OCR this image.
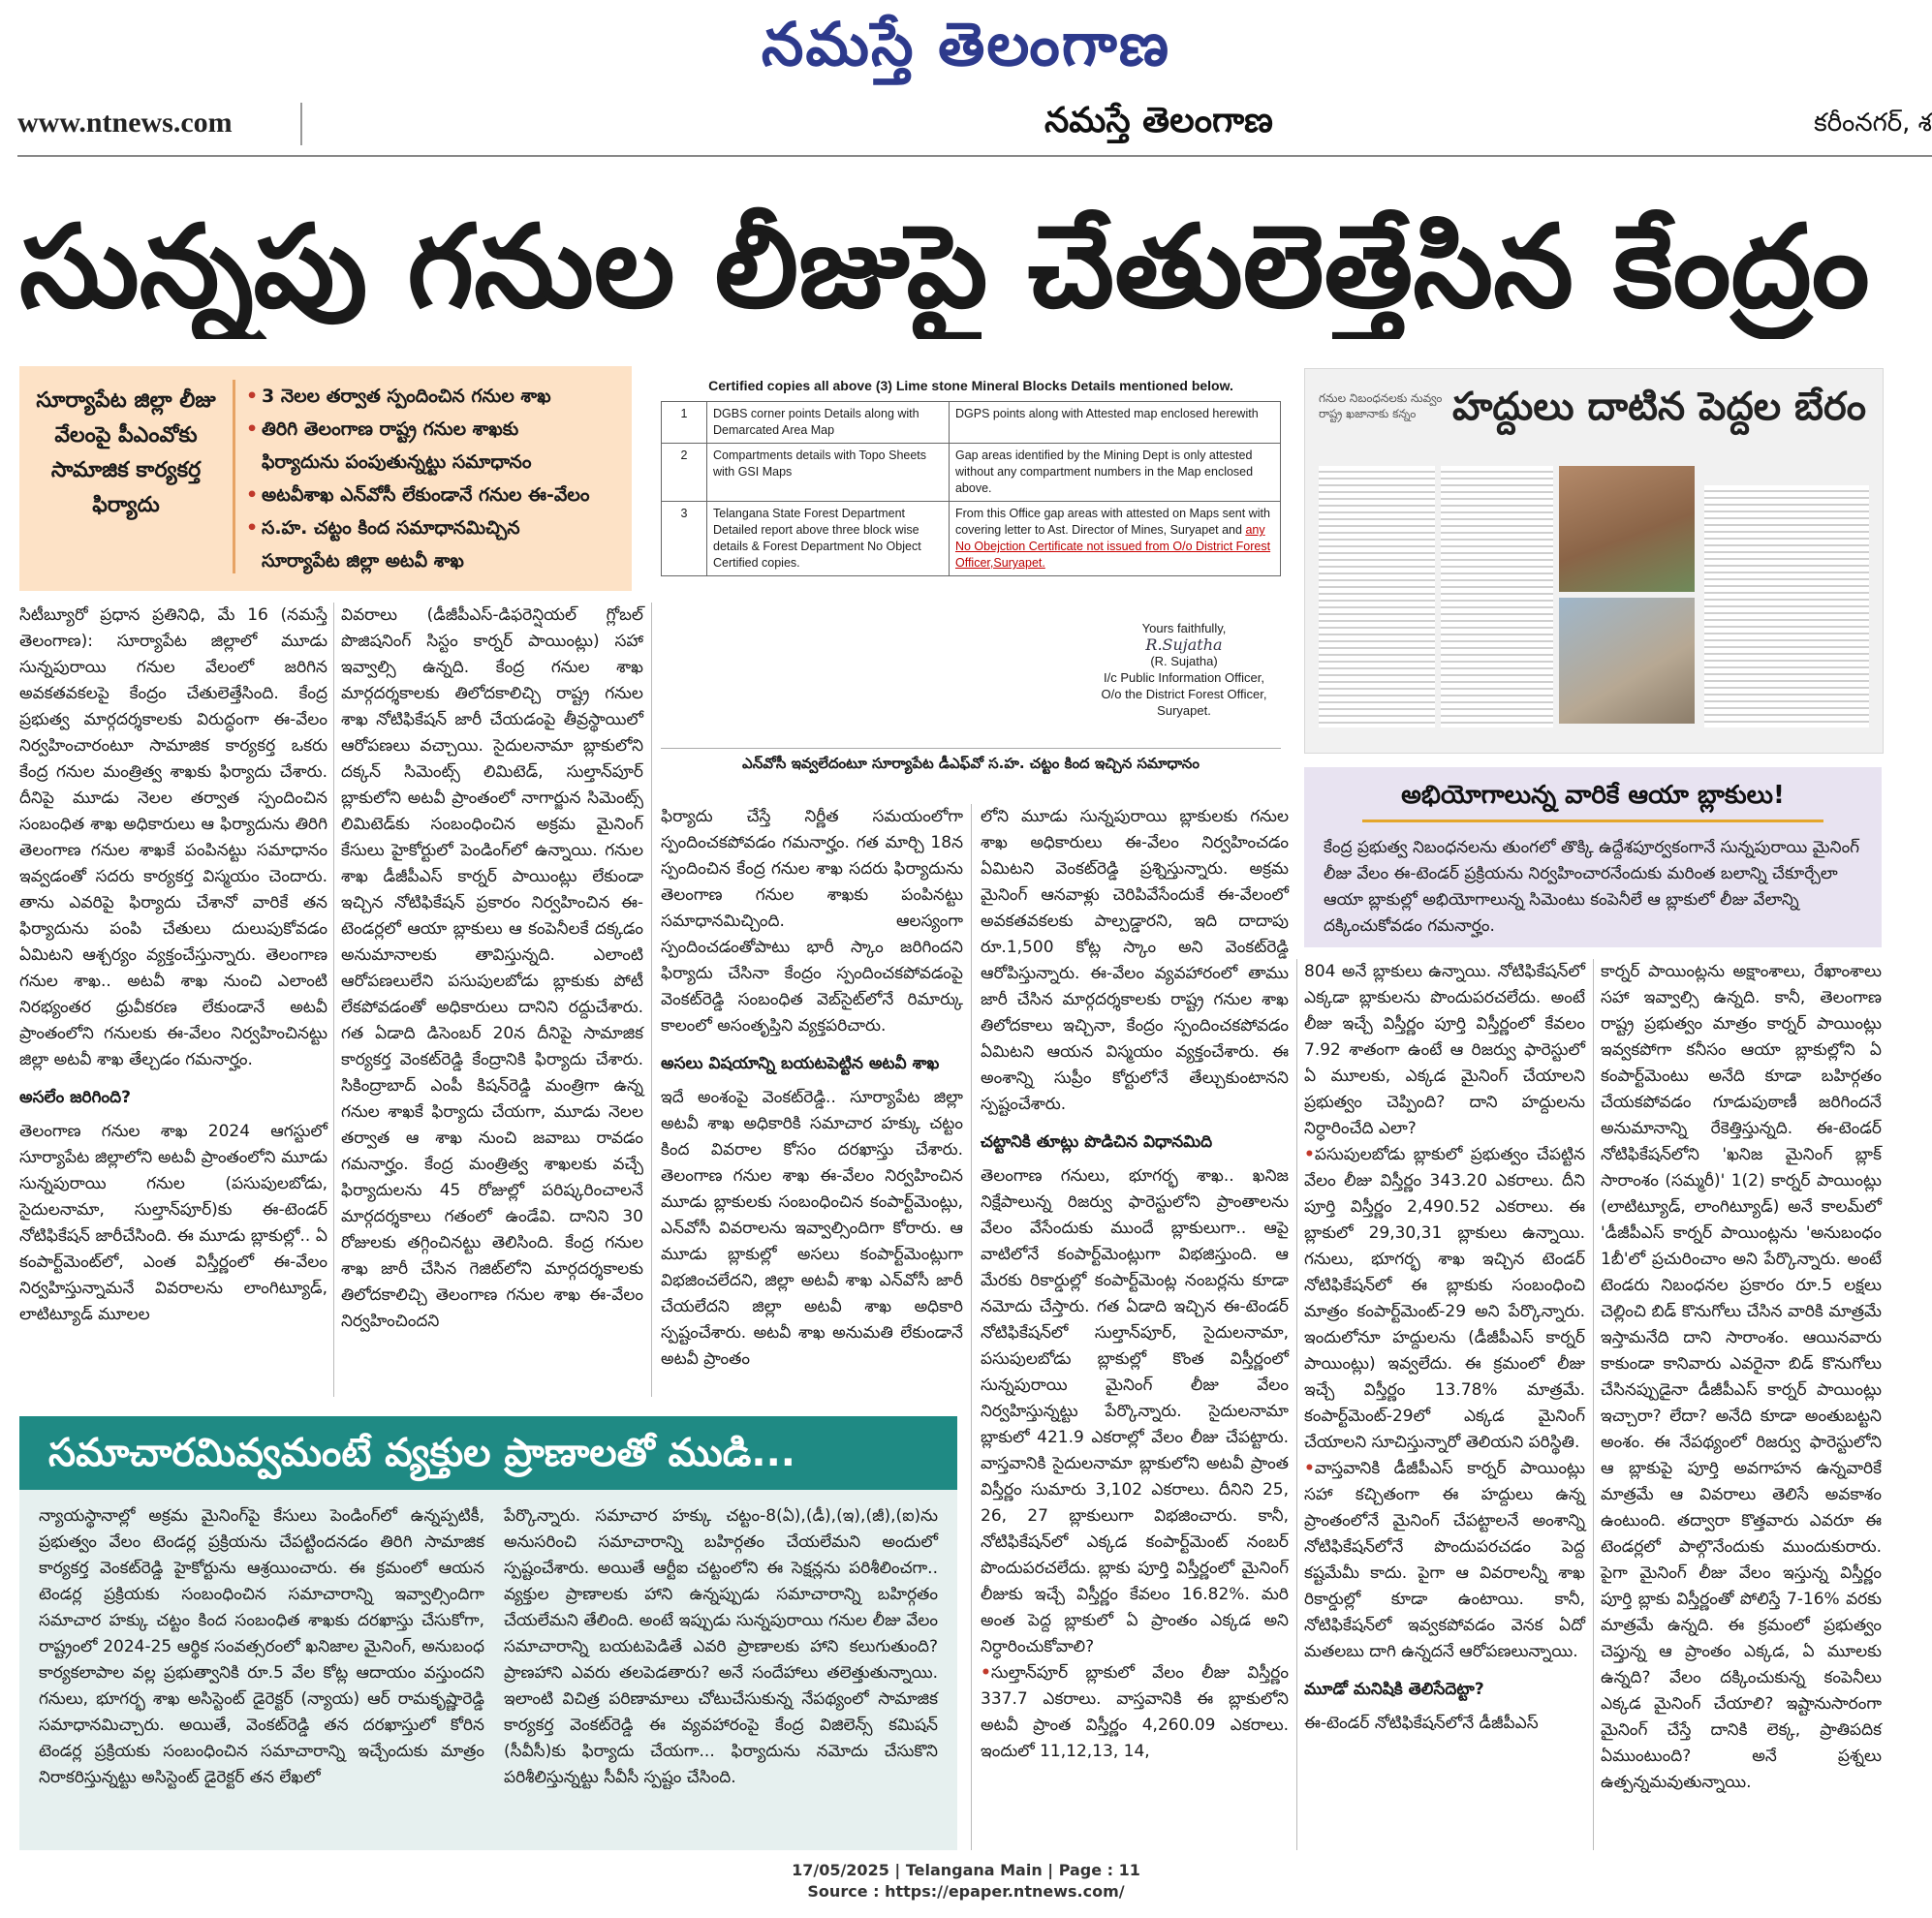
నమస్తే తెలంగాణ
www.ntnews.com	నమస్తే తెలంగాణ	కరీంనగర్, శ
సున్నపు గనుల లీజుపై చేతులెత్తేసిన కేంద్రం
సూర్యాపేట జిల్లా లీజు వేలంపై పీఎంవోకు సామాజిక కార్యకర్త ఫిర్యాదు
• 3 నెలల తర్వాత స్పందించిన గనుల శాఖ
• తిరిగి తెలంగాణ రాష్ట్ర గనుల శాఖకు
ఫిర్యాదును పంపుతున్నట్టు సమాధానం
• అటవీశాఖ ఎన్‌వోసీ లేకుండానే గనుల ఈ-వేలం
• స.హ. చట్టం కింద సమాధానమిచ్చిన
సూర్యాపేట జిల్లా అటవీ శాఖ
Certified copies all above (3) Lime stone Mineral Blocks Details mentioned below.
1	DGBS corner points Details along with Demarcated Area Map	DGPS points along with Attested map enclosed herewith
2	Compartments details with Topo Sheets with GSI Maps	Gap areas identified by the Mining Dept is only attested without any compartment numbers in the Map enclosed above.
3	Telangana State Forest Department Detailed report above three block wise details & Forest Department No Object Certified copies.	From this Office gap areas with attested on Maps sent with covering letter to Ast. Director of Mines, Suryapet and any No Obejction Certificate not issued from O/o District Forest Officer,Suryapet.
Yours faithfully,
R.Sujatha
(R. Sujatha)
I/c Public Information Officer,
O/o the District Forest Officer,
Suryapet.
ఎన్‌వోసీ ఇవ్వలేదంటూ సూర్యాపేట డీఎఫ్‌వో స.హ. చట్టం కింద ఇచ్చిన సమాధానం
గనుల నిబంధనలకు నువ్వం రాష్ట్ర ఖజానాకు కన్నం హద్దులు దాటిన పెద్దల బేరం
అభియోగాలున్న వారికే ఆయా బ్లాకులు!
కేంద్ర ప్రభుత్వ నిబంధనలను తుంగలో తొక్కి ఉద్దేశపూర్వకంగానే సున్నపురాయి మైనింగ్ లీజు వేలం ఈ-టెండర్ ప్రక్రియను నిర్వహించారనేందుకు మరింత బలాన్ని చేకూర్చేలా ఆయా బ్లాకుల్లో అభియోగాలున్న సిమెంటు కంపెనీలే ఆ బ్లాకులో లీజు వేలాన్ని దక్కించుకోవడం గమనార్హం.

సిటీబ్యూరో ప్రధాన ప్రతినిధి, మే 16 (నమస్తే తెలంగాణ): సూర్యాపేట జిల్లాలో మూడు సున్నపురాయి గనుల వేలంలో జరిగిన అవకతవకలపై కేంద్రం చేతులెత్తేసింది. కేంద్ర ప్రభుత్వ మార్గదర్శకాలకు విరుద్ధంగా ఈ-వేలం నిర్వహించారంటూ సామాజిక కార్యకర్త ఒకరు కేంద్ర గనుల మంత్రిత్వ శాఖకు ఫిర్యాదు చేశారు. దీనిపై మూడు నెలల తర్వాత స్పందించిన సంబంధిత శాఖ అధికారులు ఆ ఫిర్యాదును తిరిగి తెలంగాణ గనుల శాఖకే పంపినట్టు సమాధానం ఇవ్వడంతో సదరు కార్యకర్త విస్మయం చెందారు. తాను ఎవరిపై ఫిర్యాదు చేశానో వారికే తన ఫిర్యాదును పంపి చేతులు దులుపుకోవడం ఏమిటని ఆశ్చర్యం వ్యక్తంచేస్తున్నారు. తెలంగాణ గనుల శాఖ.. అటవీ శాఖ నుంచి ఎలాంటి నిరభ్యంతర ధ్రువీకరణ లేకుండానే అటవీ ప్రాంతంలోని గనులకు ఈ-వేలం నిర్వహించినట్టు జిల్లా అటవీ శాఖ తేల్చడం గమనార్హం.

అసలేం జరిగింది?

తెలంగాణ గనుల శాఖ 2024 ఆగస్టులో సూర్యాపేట జిల్లాలోని అటవీ ప్రాంతంలోని మూడు సున్నపురాయి గనుల (పసుపులబోడు, సైదులనామా, సుల్తాన్‌పూర్)కు ఈ-టెండర్ నోటిఫికేషన్ జారీచేసింది. ఈ మూడు బ్లాకుల్లో.. ఏ కంపార్ట్‌మెంట్‌లో, ఎంత విస్తీర్ణంలో ఈ-వేలం నిర్వహిస్తున్నామనే వివరాలను లాంగిట్యూడ్, లాటిట్యూడ్ మూలల

వివరాలు (డీజీపీఎస్-డిఫరెన్షియల్ గ్లోబల్ పొజిషనింగ్ సిస్టం కార్నర్ పాయింట్లు) సహా ఇవ్వాల్సి ఉన్నది. కేంద్ర గనుల శాఖ మార్గదర్శకాలకు తిలోదకాలిచ్చి రాష్ట్ర గనుల శాఖ నోటిఫికేషన్ జారీ చేయడంపై తీవ్రస్థాయిలో ఆరోపణలు వచ్చాయి. సైదులనామా బ్లాకులోని దక్కన్ సిమెంట్స్ లిమిటెడ్, సుల్తాన్‌పూర్ బ్లాకులోని అటవీ ప్రాంతంలో నాగార్జున సిమెంట్స్ లిమిటెడ్‌కు సంబంధించిన అక్రమ మైనింగ్ కేసులు హైకోర్టులో పెండింగ్‌లో ఉన్నాయి. గనుల శాఖ డీజీపీఎస్ కార్నర్ పాయింట్లు లేకుండా ఇచ్చిన నోటిఫికేషన్ ప్రకారం నిర్వహించిన ఈ-టెండర్లలో ఆయా బ్లాకులు ఆ కంపెనీలకే దక్కడం అనుమానాలకు తావిస్తున్నది. ఎలాంటి ఆరోపణలులేని పసుపులబోడు బ్లాకుకు పోటీ లేకపోవడంతో అధికారులు దానిని రద్దుచేశారు. గత ఏడాది డిసెంబర్ 20న దీనిపై సామాజిక కార్యకర్త వెంకట్‌రెడ్డి కేంద్రానికి ఫిర్యాదు చేశారు. సికింద్రాబాద్ ఎంపీ కిషన్‌రెడ్డి మంత్రిగా ఉన్న గనుల శాఖకే ఫిర్యాదు చేయగా, మూడు నెలల తర్వాత ఆ శాఖ నుంచి జవాబు రావడం గమనార్హం. కేంద్ర మంత్రిత్వ శాఖలకు వచ్చే ఫిర్యాదులను 45 రోజుల్లో పరిష్కరించాలనే మార్గదర్శకాలు గతంలో ఉండేవి. దానిని 30 రోజులకు తగ్గించినట్టు తెలిసింది. కేంద్ర గనుల శాఖ జారీ చేసిన గెజిట్‌లోని మార్గదర్శకాలకు తిలోదకాలిచ్చి తెలంగాణ గనుల శాఖ ఈ-వేలం నిర్వహించిందని

ఫిర్యాదు చేస్తే నిర్ణీత సమయంలోగా స్పందించకపోవడం గమనార్హం. గత మార్చి 18న స్పందించిన కేంద్ర గనుల శాఖ సదరు ఫిర్యాదును తెలంగాణ గనుల శాఖకు పంపినట్టు సమాధానమిచ్చింది. ఆలస్యంగా స్పందించడంతోపాటు భారీ స్కాం జరిగిందని ఫిర్యాదు చేసినా కేంద్రం స్పందించకపోవడంపై వెంకట్‌రెడ్డి సంబంధిత వెబ్‌సైట్‌లోనే రిమార్కు కాలంలో అసంతృప్తిని వ్యక్తపరిచారు.

అసలు విషయాన్ని బయటపెట్టిన అటవీ శాఖ

ఇదే అంశంపై వెంకట్‌రెడ్డి.. సూర్యాపేట జిల్లా అటవీ శాఖ అధికారికి సమాచార హక్కు చట్టం కింద వివరాల కోసం దరఖాస్తు చేశారు. తెలంగాణ గనుల శాఖ ఈ-వేలం నిర్వహించిన మూడు బ్లాకులకు సంబంధించిన కంపార్ట్‌మెంట్లు, ఎన్‌వోసీ వివరాలను ఇవ్వాల్సిందిగా కోరారు. ఆ మూడు బ్లాకుల్లో అసలు కంపార్ట్‌మెంట్లుగా విభజించలేదని, జిల్లా అటవీ శాఖ ఎన్‌వోసీ జారీ చేయలేదని జిల్లా అటవీ శాఖ అధికారి స్పష్టంచేశారు. అటవీ శాఖ అనుమతి లేకుండానే అటవీ ప్రాంతం

లోని మూడు సున్నపురాయి బ్లాకులకు గనుల శాఖ అధికారులు ఈ-వేలం నిర్వహించడం ఏమిటని వెంకట్‌రెడ్డి ప్రశ్నిస్తున్నారు. అక్రమ మైనింగ్ ఆనవాళ్లు చెరిపివేసేందుకే ఈ-వేలంలో అవకతవకలకు పాల్పడ్డారని, ఇది దాదాపు రూ.1,500 కోట్ల స్కాం అని వెంకట్‌రెడ్డి ఆరోపిస్తున్నారు. ఈ-వేలం వ్యవహారంలో తాము జారీ చేసిన మార్గదర్శకాలకు రాష్ట్ర గనుల శాఖ తిలోదకాలు ఇచ్చినా, కేంద్రం స్పందించకపోవడం ఏమిటని ఆయన విస్మయం వ్యక్తంచేశారు. ఈ అంశాన్ని సుప్రీం కోర్టులోనే తేల్చుకుంటానని స్పష్టంచేశారు.

చట్టానికి తూట్లు పొడిచిన విధానమిది

తెలంగాణ గనులు, భూగర్భ శాఖ.. ఖనిజ నిక్షేపాలున్న రిజర్వు ఫారెస్టులోని ప్రాంతాలను వేలం వేసేందుకు ముందే బ్లాకులుగా.. ఆపై వాటిలోనే కంపార్ట్‌మెంట్లుగా విభజిస్తుంది. ఆ మేరకు రికార్డుల్లో కంపార్ట్‌మెంట్ల నంబర్లను కూడా నమోదు చేస్తారు. గత ఏడాది ఇచ్చిన ఈ-టెండర్ నోటిఫికేషన్‌లో సుల్తాన్‌పూర్, సైదులనామా, పసుపులబోడు బ్లాకుల్లో కొంత విస్తీర్ణంలో సున్నపురాయి మైనింగ్ లీజు వేలం నిర్వహిస్తున్నట్టు పేర్కొన్నారు. సైదులనామా బ్లాకులో 421.9 ఎకరాల్లో వేలం లీజు చేపట్టారు. వాస్తవానికి సైదులనామా బ్లాకులోని అటవీ ప్రాంత విస్తీర్ణం సుమారు 3,102 ఎకరాలు. దీనిని 25, 26, 27 బ్లాకులుగా విభజించారు. కానీ, నోటిఫికేషన్‌లో ఎక్కడ కంపార్ట్‌మెంట్ నంబర్ పొందుపరచలేదు. బ్లాకు పూర్తి విస్తీర్ణంలో మైనింగ్ లీజుకు ఇచ్చే విస్తీర్ణం కేవలం 16.82%. మరి అంత పెద్ద బ్లాకులో ఏ ప్రాంతం ఎక్కడ అని నిర్ధారించుకోవాలి?

• సుల్తాన్‌పూర్ బ్లాకులో వేలం లీజు విస్తీర్ణం 337.7 ఎకరాలు. వాస్తవానికి ఈ బ్లాకులోని అటవీ ప్రాంత విస్తీర్ణం 4,260.09 ఎకరాలు. ఇందులో 11,12,13, 14,

804 అనే బ్లాకులు ఉన్నాయి. నోటిఫికేషన్‌లో ఎక్కడా బ్లాకులను పొందుపరచలేదు. అంటే లీజు ఇచ్చే విస్తీర్ణం పూర్తి విస్తీర్ణంలో కేవలం 7.92 శాతంగా ఉంటే ఆ రిజర్వు ఫారెస్టులో ఏ మూలకు, ఎక్కడ మైనింగ్ చేయాలని ప్రభుత్వం చెప్పింది? దాని హద్దులను నిర్ధారించేది ఎలా?

• పసుపులబోడు బ్లాకులో ప్రభుత్వం చేపట్టిన వేలం లీజు విస్తీర్ణం 343.20 ఎకరాలు. దీని పూర్తి విస్తీర్ణం 2,490.52 ఎకరాలు. ఈ బ్లాకులో 29,30,31 బ్లాకులు ఉన్నాయి. గనులు, భూగర్భ శాఖ ఇచ్చిన టెండర్ నోటిఫికేషన్‌లో ఈ బ్లాకుకు సంబంధించి మాత్రం కంపార్ట్‌మెంట్-29 అని పేర్కొన్నారు. ఇందులోనూ హద్దులను (డీజీపీఎస్ కార్నర్ పాయింట్లు) ఇవ్వలేదు. ఈ క్రమంలో లీజు ఇచ్చే విస్తీర్ణం 13.78% మాత్రమే. కంపార్ట్‌మెంట్-29లో ఎక్కడ మైనింగ్ చేయాలని సూచిస్తున్నారో తెలియని పరిస్థితి.

• వాస్తవానికి డీజీపీఎస్ కార్నర్ పాయింట్లు సహా కచ్చితంగా ఈ హద్దులు ఉన్న ప్రాంతంలోనే మైనింగ్ చేపట్టాలనే అంశాన్ని నోటిఫికేషన్‌లోనే పొందుపరచడం పెద్ద కష్టమేమీ కాదు. పైగా ఆ వివరాలన్నీ శాఖ రికార్డుల్లో కూడా ఉంటాయి. కానీ, నోటిఫికేషన్‌లో ఇవ్వకపోవడం వెనక ఏదో మతలబు దాగి ఉన్నదనే ఆరోపణలున్నాయి.

మూడో మనిషికి తెలిసేదెట్టా?

ఈ-టెండర్ నోటిఫికేషన్‌లోనే డీజీపీఎస్

కార్నర్ పాయింట్లను అక్షాంశాలు, రేఖాంశాలు సహా ఇవ్వాల్సి ఉన్నది. కానీ, తెలంగాణ రాష్ట్ర ప్రభుత్వం మాత్రం కార్నర్ పాయింట్లు ఇవ్వకపోగా కనీసం ఆయా బ్లాకుల్లోని ఏ కంపార్ట్‌మెంటు అనేది కూడా బహిర్గతం చేయకపోవడం గూడుపుఠాణీ జరిగిందనే అనుమానాన్ని రేకెత్తిస్తున్నది. ఈ-టెండర్ నోటిఫికేషన్‌లోని 'ఖనిజ మైనింగ్ బ్లాక్ సారాంశం (సమ్మరీ)' 1(2) కార్నర్ పాయింట్లు (లాటిట్యూడ్, లాంగిట్యూడ్) అనే కాలమ్‌లో 'డీజీపీఎస్ కార్నర్ పాయింట్లను 'అనుబంధం 1బీ'లో ప్రచురించాం అని పేర్కొన్నారు. అంటే టెండరు నిబంధనల ప్రకారం రూ.5 లక్షలు చెల్లించి బిడ్ కొనుగోలు చేసిన వారికి మాత్రమే ఇస్తామనేది దాని సారాంశం. ఆయినవారు కాకుండా కానివారు ఎవరైనా బిడ్ కొనుగోలు చేసినప్పుడైనా డీజీపీఎస్ కార్నర్ పాయింట్లు ఇచ్చారా? లేదా? అనేది కూడా అంతుబట్టని అంశం. ఈ నేపథ్యంలో రిజర్వు ఫారెస్టులోని ఆ బ్లాకుపై పూర్తి అవగాహన ఉన్నవారికే మాత్రమే ఆ వివరాలు తెలిసే అవకాశం ఉంటుంది. తద్వారా కొత్తవారు ఎవరూ ఈ టెండర్లలో పాల్గొనేందుకు ముందుకురారు. పైగా మైనింగ్ లీజు వేలం ఇస్తున్న విస్తీర్ణం పూర్తి బ్లాకు విస్తీర్ణంతో పోలిస్తే 7-16% వరకు మాత్రమే ఉన్నది. ఈ క్రమంలో ప్రభుత్వం చెప్తున్న ఆ ప్రాంతం ఎక్కడ, ఏ మూలకు ఉన్నది? వేలం దక్కించుకున్న కంపెనీలు ఎక్కడ మైనింగ్ చేయాలి? ఇష్టానుసారంగా మైనింగ్ చేస్తే దానికి లెక్క, ప్రాతిపదిక ఏముంటుంది? అనే ప్రశ్నలు ఉత్పన్నమవుతున్నాయి.

సమాచారమివ్వమంటే వ్యక్తుల ప్రాణాలతో ముడి...
న్యాయస్థానాల్లో అక్రమ మైనింగ్‌పై కేసులు పెండింగ్‌లో ఉన్నప్పటికీ, ప్రభుత్వం వేలం టెండర్ల ప్రక్రియను చేపట్టిందనడం తిరిగి సామాజిక కార్యకర్త వెంకట్‌రెడ్డి హైకోర్టును ఆశ్రయించారు. ఈ క్రమంలో ఆయన టెండర్ల ప్రక్రియకు సంబంధించిన సమాచారాన్ని ఇవ్వాల్సిందిగా సమాచార హక్కు చట్టం కింద సంబంధిత శాఖకు దరఖాస్తు చేసుకోగా, రాష్ట్రంలో 2024-25 ఆర్థిక సంవత్సరంలో ఖనిజాల మైనింగ్, అనుబంధ కార్యకలాపాల వల్ల ప్రభుత్వానికి రూ.5 వేల కోట్ల ఆదాయం వస్తుందని గనులు, భూగర్భ శాఖ అసిస్టెంట్ డైరెక్టర్ (న్యాయ) ఆర్ రామకృష్ణారెడ్డి సమాధానమిచ్చారు. అయితే, వెంకట్‌రెడ్డి తన దరఖాస్తులో కోరిన టెండర్ల ప్రక్రియకు సంబంధించిన సమాచారాన్ని ఇచ్చేందుకు మాత్రం నిరాకరిస్తున్నట్టు అసిస్టెంట్ డైరెక్టర్ తన లేఖలో
పేర్కొన్నారు. సమాచార హక్కు చట్టం-8(ఏ),(డీ),(ఇ),(జీ),(ఐ)ను అనుసరించి సమాచారాన్ని బహిర్గతం చేయలేమని అందులో స్పష్టంచేశారు. అయితే ఆర్టీఐ చట్టంలోని ఈ సెక్షన్లను పరిశీలించగా.. వ్యక్తుల ప్రాణాలకు హాని ఉన్నప్పుడు సమాచారాన్ని బహిర్గతం చేయలేమని తేలింది. అంటే ఇప్పుడు సున్నపురాయి గనుల లీజు వేలం సమాచారాన్ని బయటపెడితే ఎవరి ప్రాణాలకు హాని కలుగుతుంది? ప్రాణహాని ఎవరు తలపెడతారు? అనే సందేహాలు తలెత్తుతున్నాయి. ఇలాంటి విచిత్ర పరిణామాలు చోటుచేసుకున్న నేపథ్యంలో సామాజిక కార్యకర్త వెంకట్‌రెడ్డి ఈ వ్యవహారంపై కేంద్ర విజిలెన్స్ కమిషన్ (సీవీసీ)కు ఫిర్యాదు చేయగా... ఫిర్యాదును నమోదు చేసుకొని పరిశీలిస్తున్నట్టు సీవీసీ స్పష్టం చేసింది.
17/05/2025 | Telangana Main | Page : 11
Source : https://epaper.ntnews.com/
